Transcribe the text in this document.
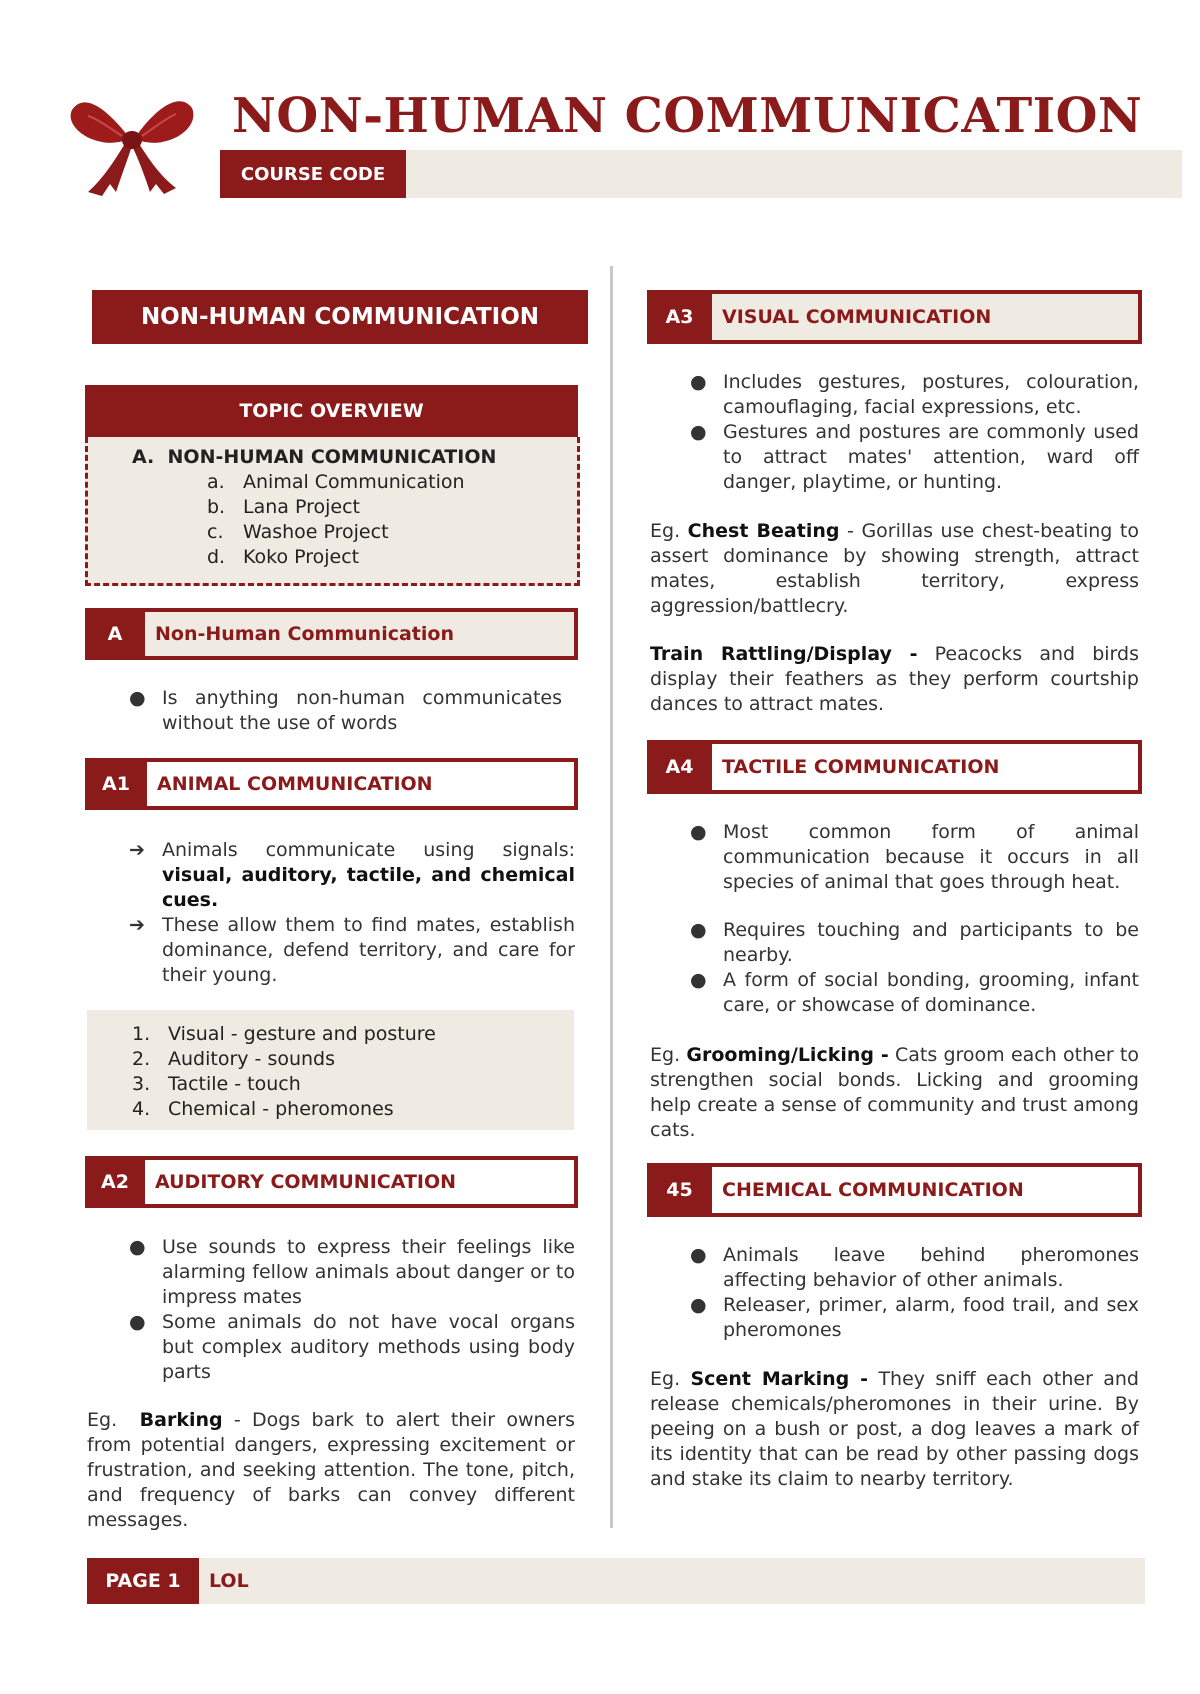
NON-HUMAN COMMUNICATION
COURSE CODE
NON-HUMAN COMMUNICATION
TOPIC OVERVIEW
A. NON-HUMAN COMMUNICATION
a. Animal Communication
b. Lana Project
c. Washoe Project
d. Koko Project
A	Non-Human Communication
● Is anything non-human communicates without the use of words
A1	ANIMAL COMMUNICATION
➔ Animals communicate using signals: visual, auditory, tactile, and chemical cues.
➔ These allow them to find mates, establish dominance, defend territory, and care for their young.
1. Visual - gesture and posture
2. Auditory - sounds
3. Tactile - touch
4. Chemical - pheromones
A2	AUDITORY COMMUNICATION
● Use sounds to express their feelings like alarming fellow animals about danger or to impress mates
● Some animals do not have vocal organs but complex auditory methods using body parts
Eg. Barking - Dogs bark to alert their owners from potential dangers, expressing excitement or frustration, and seeking attention. The tone, pitch, and frequency of barks can convey different messages.
A3	VISUAL COMMUNICATION
● Includes gestures, postures, colouration, camouflaging, facial expressions, etc.
● Gestures and postures are commonly used to attract mates' attention, ward off danger, playtime, or hunting.
Eg. Chest Beating - Gorillas use chest-beating to assert dominance by showing strength, attract mates, establish territory, express aggression/battlecry.
Train Rattling/Display - Peacocks and birds display their feathers as they perform courtship dances to attract mates.
A4	TACTILE COMMUNICATION
● Most common form of animal communication because it occurs in all species of animal that goes through heat.
● Requires touching and participants to be nearby.
● A form of social bonding, grooming, infant care, or showcase of dominance.
Eg. Grooming/Licking - Cats groom each other to strengthen social bonds. Licking and grooming help create a sense of community and trust among cats.
45	CHEMICAL COMMUNICATION
● Animals leave behind pheromones affecting behavior of other animals.
● Releaser, primer, alarm, food trail, and sex pheromones
Eg. Scent Marking - They sniff each other and release chemicals/pheromones in their urine. By peeing on a bush or post, a dog leaves a mark of its identity that can be read by other passing dogs and stake its claim to nearby territory.
PAGE 1	LOL
